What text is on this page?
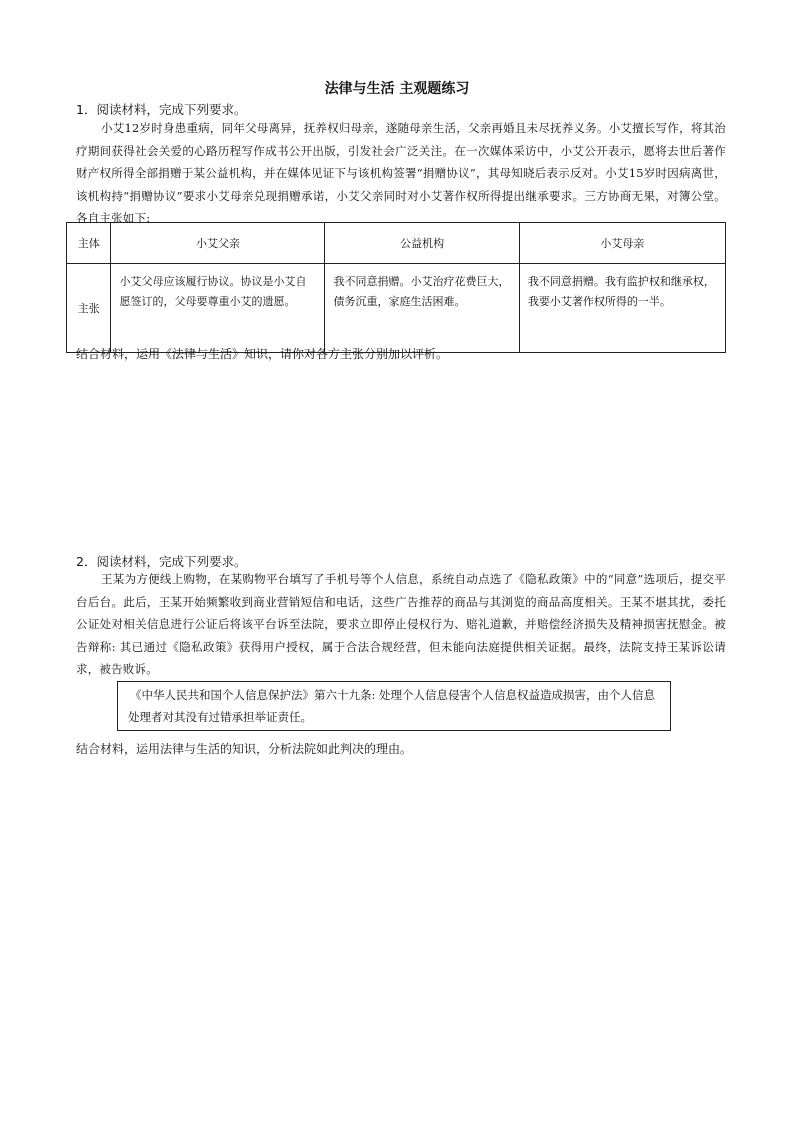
法律与生活 主观题练习
1．阅读材料，完成下列要求。
小艾12岁时身患重病，同年父母离异，抚养权归母亲，遂随母亲生活，父亲再婚且未尽抚养义务。小艾擅长写作，将其治疗期间获得社会关爱的心路历程写作成书公开出版，引发社会广泛关注。在一次媒体采访中，小艾公开表示，愿将去世后著作财产权所得全部捐赠于某公益机构，并在媒体见证下与该机构签署“捐赠协议”，其母知晓后表示反对。小艾15岁时因病离世，该机构持“捐赠协议”要求小艾母亲兑现捐赠承诺，小艾父亲同时对小艾著作权所得提出继承要求。三方协商无果，对簿公堂。各自主张如下:
主体	小艾父亲	公益机构	小艾母亲
主张	小艾父母应该履行协议。协议是小艾自愿签订的，父母要尊重小艾的遗愿。	我不同意捐赠。小艾治疗花费巨大，债务沉重，家庭生活困难。	我不同意捐赠。我有监护权和继承权，我要小艾著作权所得的一半。
结合材料，运用《法律与生活》知识，请你对各方主张分别加以评析。
2．阅读材料，完成下列要求。
王某为方便线上购物，在某购物平台填写了手机号等个人信息，系统自动点选了《隐私政策》中的“同意”选项后，提交平台后台。此后，王某开始频繁收到商业营销短信和电话，这些广告推荐的商品与其浏览的商品高度相关。王某不堪其扰，委托公证处对相关信息进行公证后将该平台诉至法院，要求立即停止侵权行为、赔礼道歉，并赔偿经济损失及精神损害抚慰金。被告辩称: 其已通过《隐私政策》获得用户授权，属于合法合规经营，但未能向法庭提供相关证据。最终，法院支持王某诉讼请求，被告败诉。
《中华人民共和国个人信息保护法》第六十九条: 处理个人信息侵害个人信息权益造成损害，由个人信息处理者对其没有过错承担举证责任。
结合材料，运用法律与生活的知识，分析法院如此判决的理由。
